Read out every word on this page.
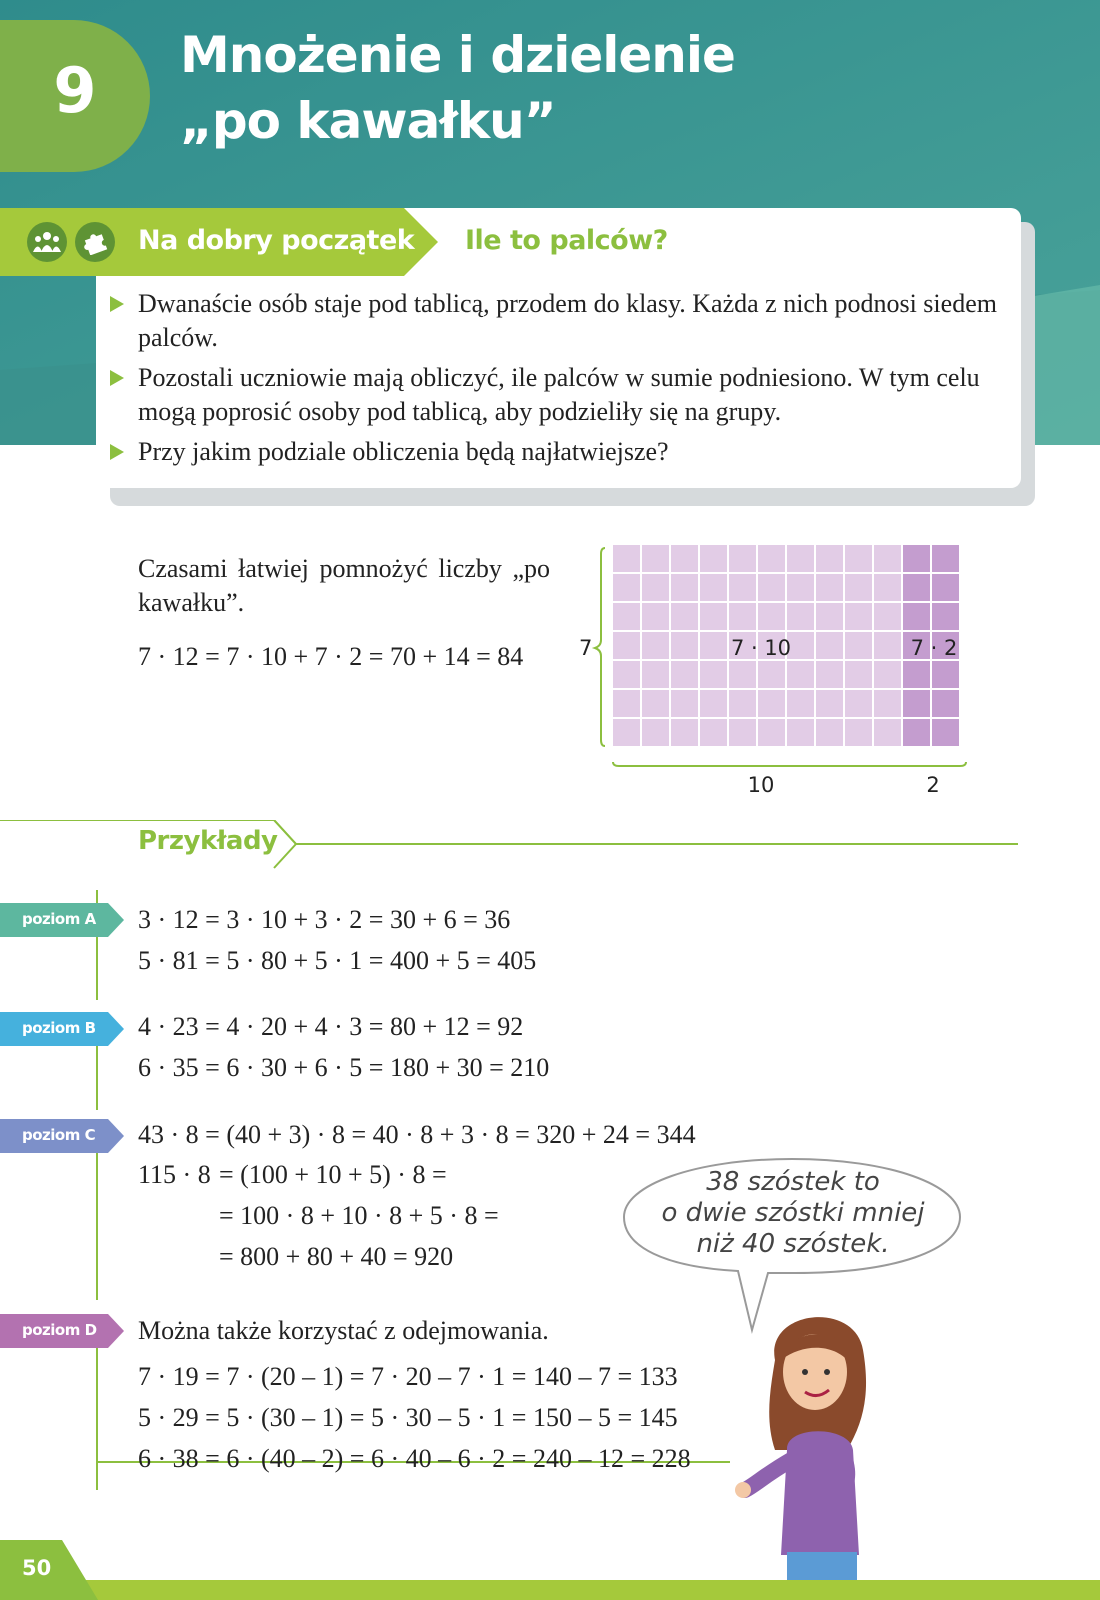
9	Mnożenie i dzielenie
„po kawałku”
Na dobry początek Ile to palców?
Dwanaście osób staje pod tablicą, przodem do klasy. Każda z nich podnosi siedem palców.
Pozostali uczniowie mają obliczyć, ile palców w sumie podniesiono. W tym celu mogą poprosić osoby pod tablicą, aby podzieliły się na grupy.
Przy jakim podziale obliczenia będą najłatwiejsze?
Czasami łatwiej pomnożyć liczby „po kawałku”.
7 · 12 = 7 · 10 + 7 · 2 = 70 + 14 = 84	7	7 · 10	7 · 2
10	2
Przykłady
poziom A
poziom B
poziom C
poziom D
3 · 12 = 3 · 10 + 3 · 2 = 30 + 6 = 36
5 · 81 = 5 · 80 + 5 · 1 = 400 + 5 = 405
4 · 23 = 4 · 20 + 4 · 3 = 80 + 12 = 92
6 · 35 = 6 · 30 + 6 · 5 = 180 + 30 = 210
43 · 8 = (40 + 3) · 8 = 40 · 8 + 3 · 8 = 320 + 24 = 344
115 · 8 = (100 + 10 + 5) · 8 =
= 100 · 8 + 10 · 8 + 5 · 8 =
= 800 + 80 + 40 = 920
Można także korzystać z odejmowania.
7 · 19 = 7 · (20 – 1) = 7 · 20 – 7 · 1 = 140 – 7 = 133
5 · 29 = 5 · (30 – 1) = 5 · 30 – 5 · 1 = 150 – 5 = 145
6 · 38 = 6 · (40 – 2) = 6 · 40 – 6 · 2 = 240 – 12 = 228
38 szóstek to
o dwie szóstki mniej
niż 40 szóstek.
50
